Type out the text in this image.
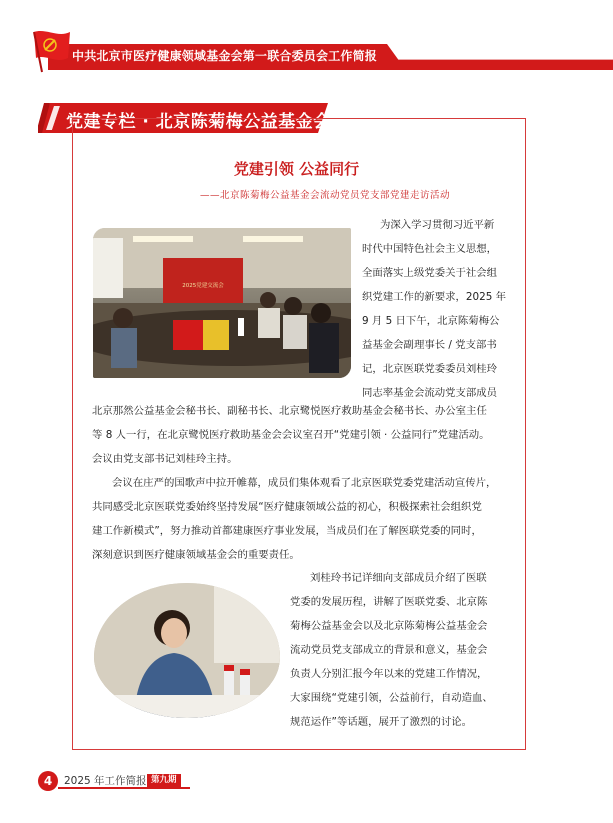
中共北京市医疗健康领域基金会第一联合委员会工作简报
党建专栏 · 北京陈菊梅公益基金会
党建引领 公益同行
——北京陈菊梅公益基金会流动党员党支部党建走访活动
2025党建交流会
为深入学习贯彻习近平新
时代中国特色社会主义思想，
全面落实上级党委关于社会组
织党建工作的新要求，2025 年
9 月 5 日下午，北京陈菊梅公
益基金会副理事长 / 党支部书
记，北京医联党委委员刘桂玲
同志率基金会流动党支部成员
北京那然公益基金会秘书长、副秘书长、北京鹭悦医疗救助基金会秘书长、办公室主任
等 8 人一行，在北京鹭悦医疗救助基金会会议室召开“党建引领 · 公益同行”党建活动。
会议由党支部书记刘桂玲主持。
会议在庄严的国歌声中拉开帷幕，成员们集体观看了北京医联党委党建活动宣传片，
共同感受北京医联党委始终坚持发展“医疗健康领域公益的初心，积极探索社会组织党
建工作新模式”，努力推动首都建康医疗事业发展，当成员们在了解医联党委的同时，
深刻意识到医疗健康领域基金会的重要责任。
刘桂玲书记详细向支部成员介绍了医联
党委的发展历程，讲解了医联党委、北京陈
菊梅公益基金会以及北京陈菊梅公益基金会
流动党员党支部成立的背景和意义，基金会
负责人分别汇报今年以来的党建工作情况，
大家围绕“党建引领，公益前行，自动造血、
规范运作”等话题，展开了激烈的讨论。
4	2025 年工作简报 第九期
